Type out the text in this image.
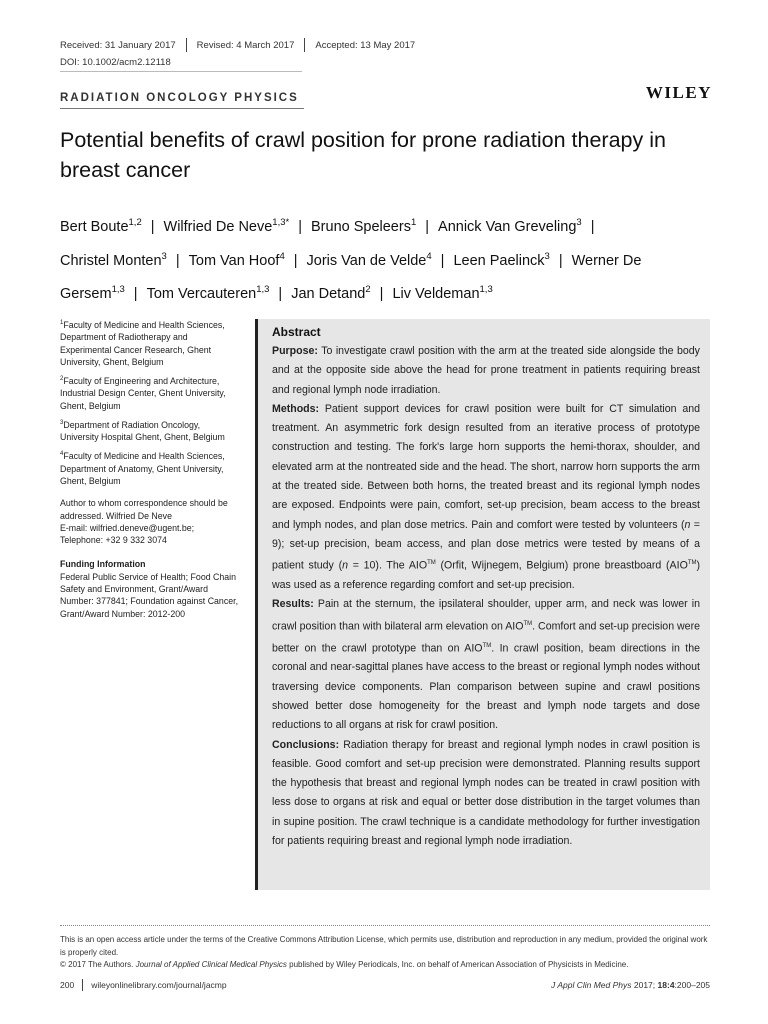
Received: 31 January 2017 Revised: 4 March 2017 Accepted: 13 May 2017
DOI: 10.1002/acm2.12118
RADIATION ONCOLOGY PHYSICS	WILEY
Potential benefits of crawl position for prone radiation therapy in breast cancer
Bert Boute$^{1,2}$ | Wilfried De Neve$^{1,3*}$ | Bruno Speleers$^1$ | Annick Van Greveling$^3$ |
Christel Monten$^3$ | Tom Van Hoof$^4$ | Joris Van de Velde$^4$ | Leen Paelinck$^3$ | Werner De Gersem$^{1,3}$ | Tom Vercauteren$^{1,3}$ | Jan Detand$^2$ | Liv Veldeman$^{1,3}$

$^1$Faculty of Medicine and Health Sciences, Department of Radiotherapy and Experimental Cancer Research, Ghent University, Ghent, Belgium

$^2$Faculty of Engineering and Architecture, Industrial Design Center, Ghent University, Ghent, Belgium

$^3$Department of Radiation Oncology, University Hospital Ghent, Ghent, Belgium

$^4$Faculty of Medicine and Health Sciences, Department of Anatomy, Ghent University, Ghent, Belgium

Author to whom correspondence should be addressed. Wilfried De Neve
E-mail: wilfried.deneve@ugent.be;
Telephone: +32 9 332 3074

Funding Information

Federal Public Service of Health; Food Chain Safety and Environment, Grant/Award Number: 377841; Foundation against Cancer, Grant/Award Number: 2012-200

Abstract
Purpose: To investigate crawl position with the arm at the treated side alongside the body and at the opposite side above the head for prone treatment in patients requiring breast and regional lymph node irradiation.
Methods: Patient support devices for crawl position were built for CT simulation and treatment. An asymmetric fork design resulted from an iterative process of prototype construction and testing. The fork's large horn supports the hemi-thorax, shoulder, and elevated arm at the nontreated side and the head. The short, narrow horn supports the arm at the treated side. Between both horns, the treated breast and its regional lymph nodes are exposed. Endpoints were pain, comfort, set-up precision, beam access to the breast and lymph nodes, and plan dose metrics. Pain and comfort were tested by volunteers (n = 9); set-up precision, beam access, and plan dose metrics were tested by means of a patient study (n = 10). The AIO™ (Orfit, Wijnegem, Belgium) prone breastboard (AIO™) was used as a reference regarding comfort and set-up precision.
Results: Pain at the sternum, the ipsilateral shoulder, upper arm, and neck was lower in crawl position than with bilateral arm elevation on AIO™. Comfort and set-up precision were better on the crawl prototype than on AIO™. In crawl position, beam directions in the coronal and near-sagittal planes have access to the breast or regional lymph nodes without traversing device components. Plan comparison between supine and crawl positions showed better dose homogeneity for the breast and lymph node targets and dose reductions to all organs at risk for crawl position.
Conclusions: Radiation therapy for breast and regional lymph nodes in crawl position is feasible. Good comfort and set-up precision were demonstrated. Planning results support the hypothesis that breast and regional lymph nodes can be treated in crawl position with less dose to organs at risk and equal or better dose distribution in the target volumes than in supine position. The crawl technique is a candidate methodology for further investigation for patients requiring breast and regional lymph node irradiation.
This is an open access article under the terms of the Creative Commons Attribution License, which permits use, distribution and reproduction in any medium, provided the original work is properly cited.
© 2017 The Authors. Journal of Applied Clinical Medical Physics published by Wiley Periodicals, Inc. on behalf of American Association of Physicists in Medicine.
200 wileyonlinelibrary.com/journal/jacmp	J Appl Clin Med Phys 2017; 18:4:200–205
